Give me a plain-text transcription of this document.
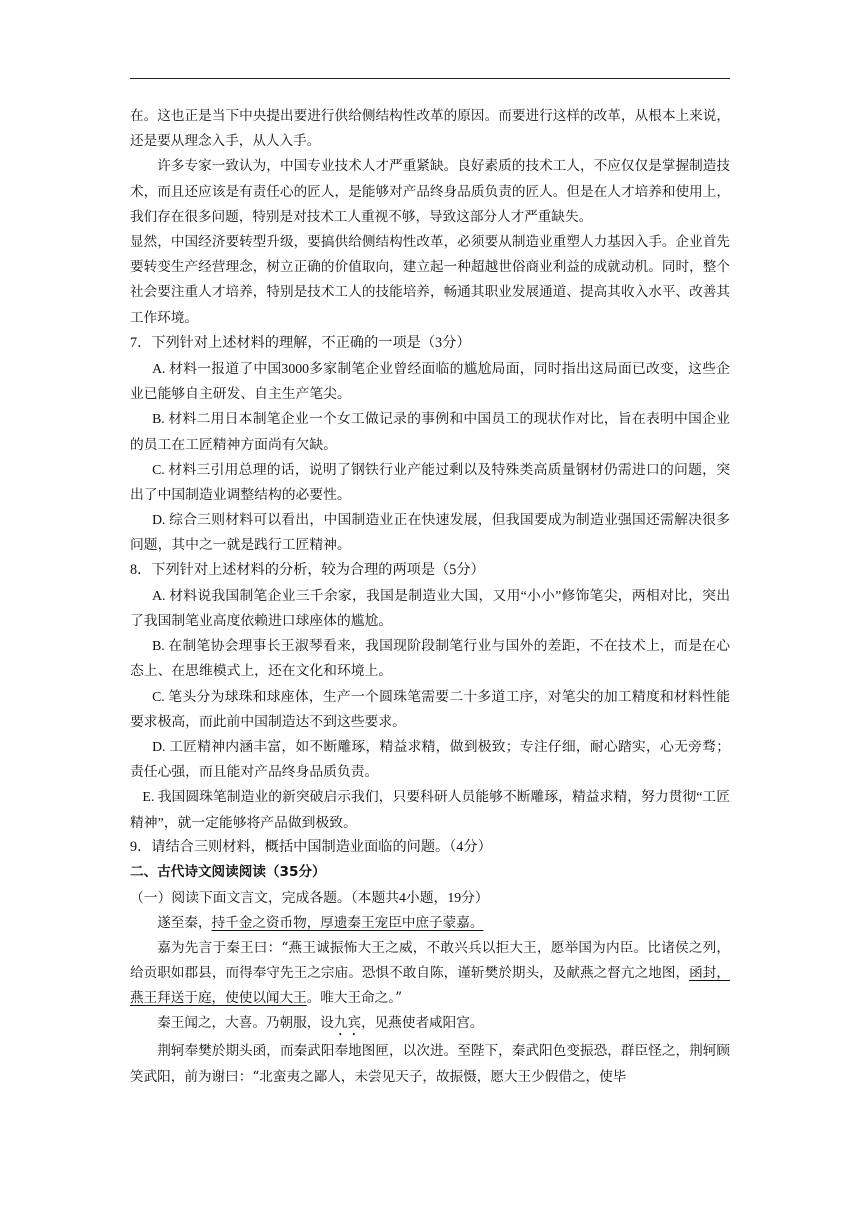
在。这也正是当下中央提出要进行供给侧结构性改革的原因。而要进行这样的改革，从根本上来说，还是要从理念入手，从人入手。

许多专家一致认为，中国专业技术人才严重紧缺。良好素质的技术工人，不应仅仅是掌握制造技术，而且还应该是有责任心的匠人，是能够对产品终身品质负责的匠人。但是在人才培养和使用上，我们存在很多问题，特别是对技术工人重视不够，导致这部分人才严重缺失。

显然，中国经济要转型升级，要搞供给侧结构性改革，必须要从制造业重塑人力基因入手。企业首先要转变生产经营理念，树立正确的价值取向，建立起一种超越世俗商业利益的成就动机。同时，整个社会要注重人才培养，特别是技术工人的技能培养，畅通其职业发展通道、提高其收入水平、改善其工作环境。

7．下列针对上述材料的理解，不正确的一项是（3分）

A. 材料一报道了中国3000多家制笔企业曾经面临的尴尬局面，同时指出这局面已改变，这些企业已能够自主研发、自主生产笔尖。

B. 材料二用日本制笔企业一个女工做记录的事例和中国员工的现状作对比，旨在表明中国企业的员工在工匠精神方面尚有欠缺。

C. 材料三引用总理的话，说明了钢铁行业产能过剩以及特殊类高质量钢材仍需进口的问题，突出了中国制造业调整结构的必要性。

D. 综合三则材料可以看出，中国制造业正在快速发展，但我国要成为制造业强国还需解决很多问题，其中之一就是践行工匠精神。

8．下列针对上述材料的分析，较为合理的两项是（5分）

A. 材料说我国制笔企业三千余家，我国是制造业大国，又用“小小”修饰笔尖，两相对比，突出了我国制笔业高度依赖进口球座体的尴尬。

B. 在制笔协会理事长王淑琴看来，我国现阶段制笔行业与国外的差距，不在技术上，而是在心态上、在思维模式上，还在文化和环境上。

C. 笔头分为球珠和球座体，生产一个圆珠笔需要二十多道工序，对笔尖的加工精度和材料性能要求极高，而此前中国制造达不到这些要求。

D. 工匠精神内涵丰富，如不断雕琢，精益求精，做到极致；专注仔细，耐心踏实，心无旁骛；责任心强，而且能对产品终身品质负责。

E. 我国圆珠笔制造业的新突破启示我们，只要科研人员能够不断雕琢，精益求精，努力贯彻“工匠精神”，就一定能够将产品做到极致。

9．请结合三则材料，概括中国制造业面临的问题。（4分）

二、古代诗文阅读阅读（35分）

（一）阅读下面文言文，完成各题。（本题共4小题，19分）

遂至秦，持千金之资币物，厚遗秦王宠臣中庶子蒙嘉。

嘉为先言于秦王曰：“燕王诚振怖大王之威，不敢兴兵以拒大王，愿举国为内臣。比诸侯之列，给贡职如郡县，而得奉守先王之宗庙。恐惧不敢自陈，谨斩樊於期头，及献燕之督亢之地图，函封，燕王拜送于庭，使使以闻大王。唯大王命之。”

秦王闻之，大喜。乃朝服，设九宾，见燕使者咸阳宫。

荆轲奉樊於期头函，而秦武阳奉地图匣，以次进。至陛下，秦武阳色变振恐，群臣怪之，荆轲顾笑武阳，前为谢曰：“北蛮夷之鄙人，未尝见天子，故振慑，愿大王少假借之，使毕
